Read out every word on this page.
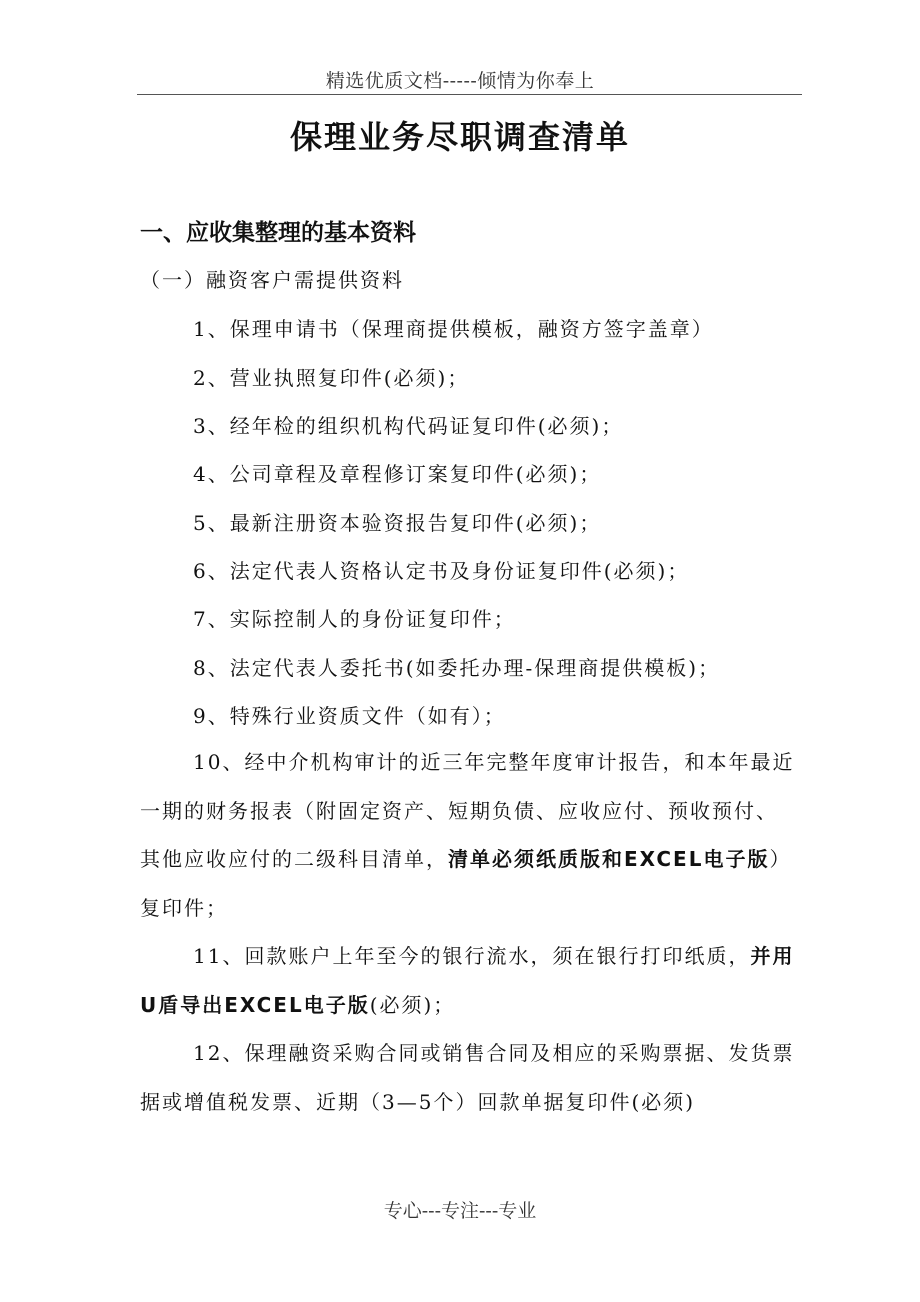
精选优质文档-----倾情为你奉上
保理业务尽职调查清单
一、应收集整理的基本资料
（一）融资客户需提供资料
1、保理申请书（保理商提供模板，融资方签字盖章）
2、营业执照复印件(必须)；
3、经年检的组织机构代码证复印件(必须)；
4、公司章程及章程修订案复印件(必须)；
5、最新注册资本验资报告复印件(必须)；
6、法定代表人资格认定书及身份证复印件(必须)；
7、实际控制人的身份证复印件；
8、法定代表人委托书(如委托办理-保理商提供模板)；
9、特殊行业资质文件（如有）；
10、经中介机构审计的近三年完整年度审计报告，和本年最近一期的财务报表（附固定资产、短期负债、应收应付、预收预付、其他应收应付的二级科目清单，清单必须纸质版和EXCEL电子版）复印件；
11、回款账户上年至今的银行流水，须在银行打印纸质，并用U盾导出EXCEL电子版(必须)；
12、保理融资采购合同或销售合同及相应的采购票据、发货票据或增值税发票、近期（3—5个）回款单据复印件(必须)
专心---专注---专业
